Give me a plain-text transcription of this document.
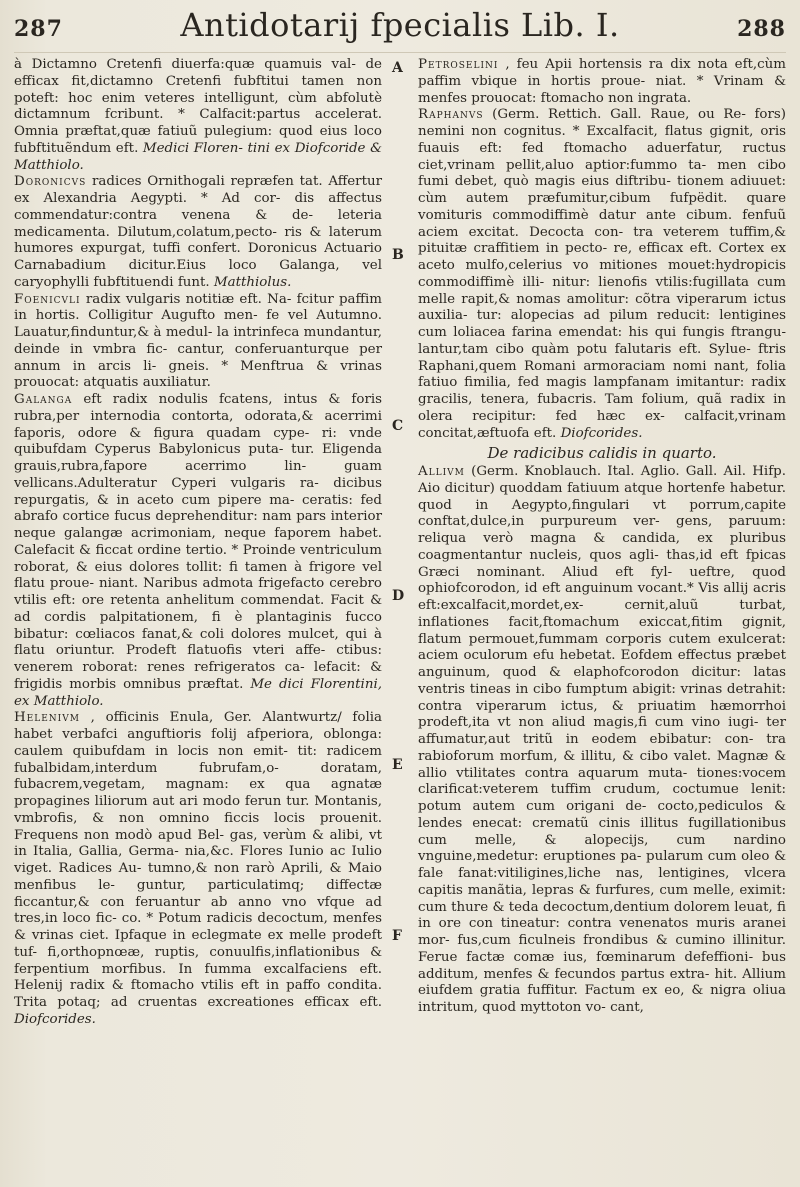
287	Antidotarij fpecialis Lib. I.	288

à Dictamno Cretenfi diuerfa:quæ quamuis val- de efficax fit,dictamno Cretenfi fubftitui tamen non poteft: hoc enim veteres intelligunt, cùm abfolutè dictamnum fcribunt. * Calfacit:partus accelerat. Omnia præftat,quæ fatiuũ pulegium: quod eius loco fubftituẽndum eft. Medici Floren- tini ex Diofcoride & Matthiolo.

Doronicvs radices Ornithogali repræfen tat. Affertur ex Alexandria Aegypti. * Ad cor- dis affectus commendatur:contra venena & de- leteria medicamenta. Dilutum,colatum,pecto- ris & laterum humores expurgat, tuffi confert. Doronicus Actuario Carnabadium dicitur.Eius loco Galanga, vel caryophylli fubftituendi funt. Matthiolus.

Foenicvli radix vulgaris notitiæ eft. Na- fcitur paffim in hortis. Colligitur Augufto men- fe vel Autumno. Lauatur,finduntur,& à medul- la intrinfeca mundantur, deinde in vmbra fic- cantur, conferuanturque per annum in arcis li- gneis. * Menftrua & vrinas prouocat: atquatis auxiliatur.

Galanga eft radix nodulis fcatens, intus & foris rubra,per internodia contorta, odorata,& acerrimi faporis, odore & figura quadam cype- ri: vnde quibufdam Cyperus Babylonicus puta- tur. Eligenda grauis,rubra,fapore acerrimo lin- guam vellicans.Adulteratur Cyperi vulgaris ra- dicibus repurgatis, & in aceto cum pipere ma- ceratis: fed abrafo cortice fucus deprehenditur: nam pars interior neque galangæ acrimoniam, neque faporem habet. Calefacit & ficcat ordine tertio. * Proinde ventriculum roborat, & eius dolores tollit: fi tamen à frigore vel flatu proue- niant. Naribus admota frigefacto cerebro vtilis eft: ore retenta anhelitum commendat. Facit & ad cordis palpitationem, fi è plantaginis fucco bibatur: cœliacos fanat,& coli dolores mulcet, qui à flatu oriuntur. Prodeft flatuofis vteri affe- ctibus: venerem roborat: renes refrigeratos ca- lefacit: & frigidis morbis omnibus præftat. Me dici Florentini, ex Matthiolo.

Helenivm , officinis Enula, Ger. Alantwurtz/ folia habet verbafci anguftioris folij afperiora, oblonga: caulem quibufdam in locis non emit- tit: radicem fubalbidam,interdum fubrufam,o- doratam, fubacrem,vegetam, magnam: ex qua agnatæ propagines liliorum aut ari modo ferun tur. Montanis, vmbrofis, & non omnino ficcis locis prouenit. Frequens non modò apud Bel- gas, verùm & alibi, vt in Italia, Gallia, Germa- nia,&c. Flores Iunio ac Iulio viget. Radices Au- tumno,& non rarò Aprili, & Maio menfibus le- guntur, particulatimq; diffectæ ficcantur,& con feruantur ab anno vno vfque ad tres,in loco fic- co. * Potum radicis decoctum, menfes & vrinas ciet. Ipfaque in eclegmate ex melle prodeft tuf- fi,orthopnœæ, ruptis, conuulfis,inflationibus & ferpentium morfibus. In fumma excalfaciens eft. Helenij radix & ftomacho vtilis eft in paffo condita. Trita potaq; ad cruentas excreationes efficax eft. Diofcorides.

Petroselini , feu Apii hortensis ra dix nota eft,cùm paffim vbique in hortis proue- niat. * Vrinam & menfes prouocat: ftomacho non ingrata.

Raphanvs (Germ. Rettich. Gall. Raue, ou Re- fors) nemini non cognitus. * Excalfacit, flatus gignit, oris fuauis eft: fed ftomacho aduerfatur, ructus ciet,vrinam pellit,aluo aptior:fummo ta- men cibo fumi debet, quò magis eius diftribu- tionem adiuuet: cùm autem præfumitur,cibum fufpëdit. quare vomituris commodiffimè datur ante cibum. fenfuũ aciem excitat. Decocta con- tra veterem tuffim,& pituitæ craffitiem in pecto- re, efficax eft. Cortex ex aceto mulfo,celerius vo mitiones mouet:hydropicis commodiffimè illi- nitur: lienofis vtilis:fugillata cum melle rapit,& nomas amolitur: cõtra viperarum ictus auxilia- tur: alopecias ad pilum reducit: lentigines cum loliacea farina emendat: his qui fungis ftrangu- lantur,tam cibo quàm potu falutaris eft. Sylue- ftris Raphani,quem Romani armoraciam nomi nant, folia fatiuo fimilia, fed magis lampfanam imitantur: radix gracilis, tenera, fubacris. Tam folium, quã radix in olera recipitur: fed hæc ex- calfacit,vrinam concitat,æftuofa eft. Diofcorides.

De radicibus calidis in quarto.

Allivm (Germ. Knoblauch. Ital. Aglio. Gall. Ail. Hifp. Aio dicitur) quoddam fatiuum atque hortenfe habetur. quod in Aegypto,fingulari vt porrum,capite conftat,dulce,in purpureum ver- gens, paruum: reliqua verò magna & candida, ex pluribus coagmentantur nucleis, quos agli- thas,id eft fpicas Græci nominant. Aliud eft fyl- ueftre, quod ophiofcorodon, id eft anguinum vocant.* Vis allij acris eft:excalfacit,mordet,ex- cernit,aluũ turbat, inflationes facit,ftomachum exiccat,fitim gignit, flatum permouet,fummam corporis cutem exulcerat: aciem oculorum efu hebetat. Eofdem effectus præbet anguinum, quod & elaphofcorodon dicitur: latas ventris tineas in cibo fumptum abigit: vrinas detrahit: contra viperarum ictus, & priuatim hæmorrhoi prodeft,ita vt non aliud magis,fi cum vino iugi- ter affumatur,aut tritũ in eodem ebibatur: con- tra rabioforum morfum, & illitu, & cibo valet. Magnæ & allio vtilitates contra aquarum muta- tiones:vocem clarificat:veterem tuffim crudum, coctumue lenit: potum autem cum origani de- cocto,pediculos & lendes enecat: crematũ cinis illitus fugillationibus cum melle, & alopecijs, cum nardino vnguine,medetur: eruptiones pa- pularum cum oleo & fale fanat:vitiligines,liche nas, lentigines, vlcera capitis manãtia, lepras & furfures, cum melle, eximit: cum thure & teda decoctum,dentium dolorem leuat, fi in ore con tineatur: contra venenatos muris aranei mor- fus,cum ficulneis frondibus & cumino illinitur. Ferue factæ comæ ius, fœminarum defeffioni- bus additum, menfes & fecundos partus extra- hit. Allium eiufdem gratia fuffitur. Factum ex eo, & nigra oliua intritum, quod myttoton vo- cant,

A
B
C
D
E
F
